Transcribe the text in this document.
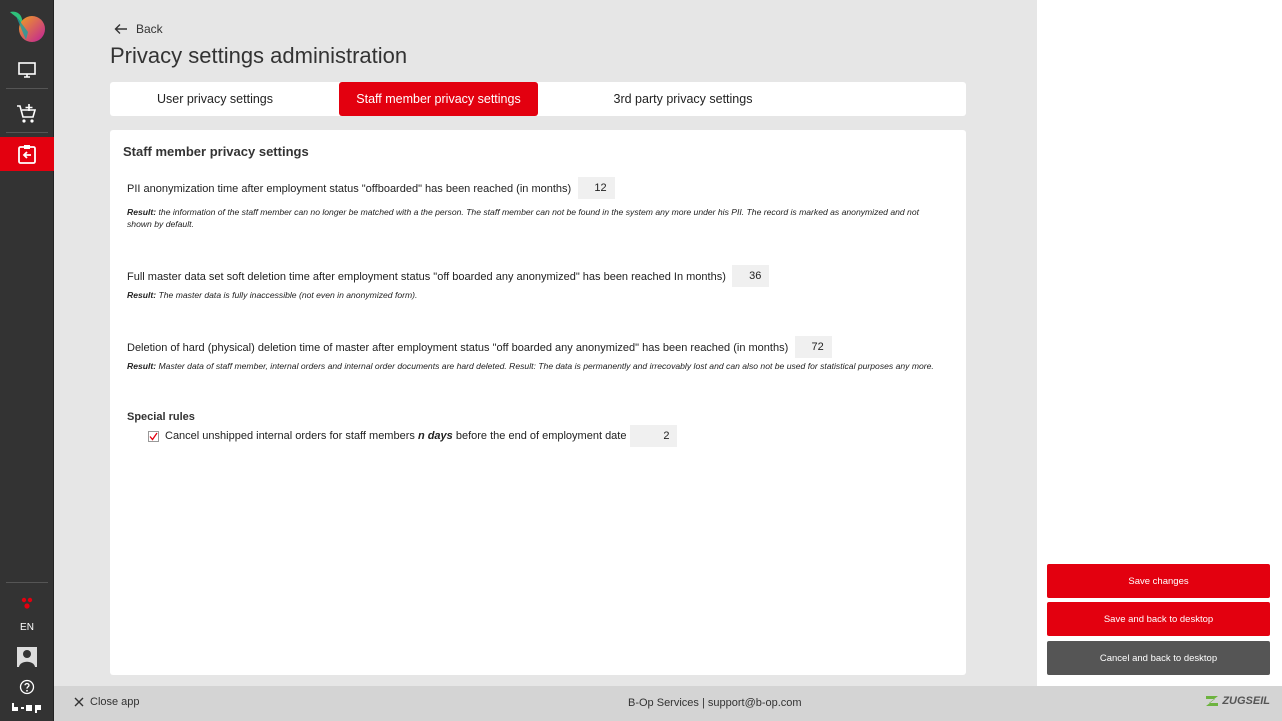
EN
Back
Privacy settings administration
User privacy settings	Staff member privacy settings	3rd party privacy settings
Staff member privacy settings
PII anonymization time after employment status "offboarded" has been reached (in months) 12
Result: the information of the staff member can no longer be matched with a the person. The staff member can not be found in the system any more under his PII. The record is marked as anonymized and not shown by default.
Full master data set soft deletion time after employment status "off boarded any anonymized" has been reached In months) 36
Result: The master data is fully inaccessible (not even in anonymized form).
Deletion of hard (physical) deletion time of master after employment status "off boarded any anonymized" has been reached (in months) 72
Result: Master data of staff member, internal orders and internal order documents are hard deleted. Result: The data is permanently and irrecovably lost and can also not be used for statistical purposes any more.
Special rules
Cancel unshipped internal orders for staff members n days before the end of employment date	2
Save changes
Save and back to desktop
Cancel and back to desktop
Close app	B-Op Services | support@b-op.com	ZUGSEIL
